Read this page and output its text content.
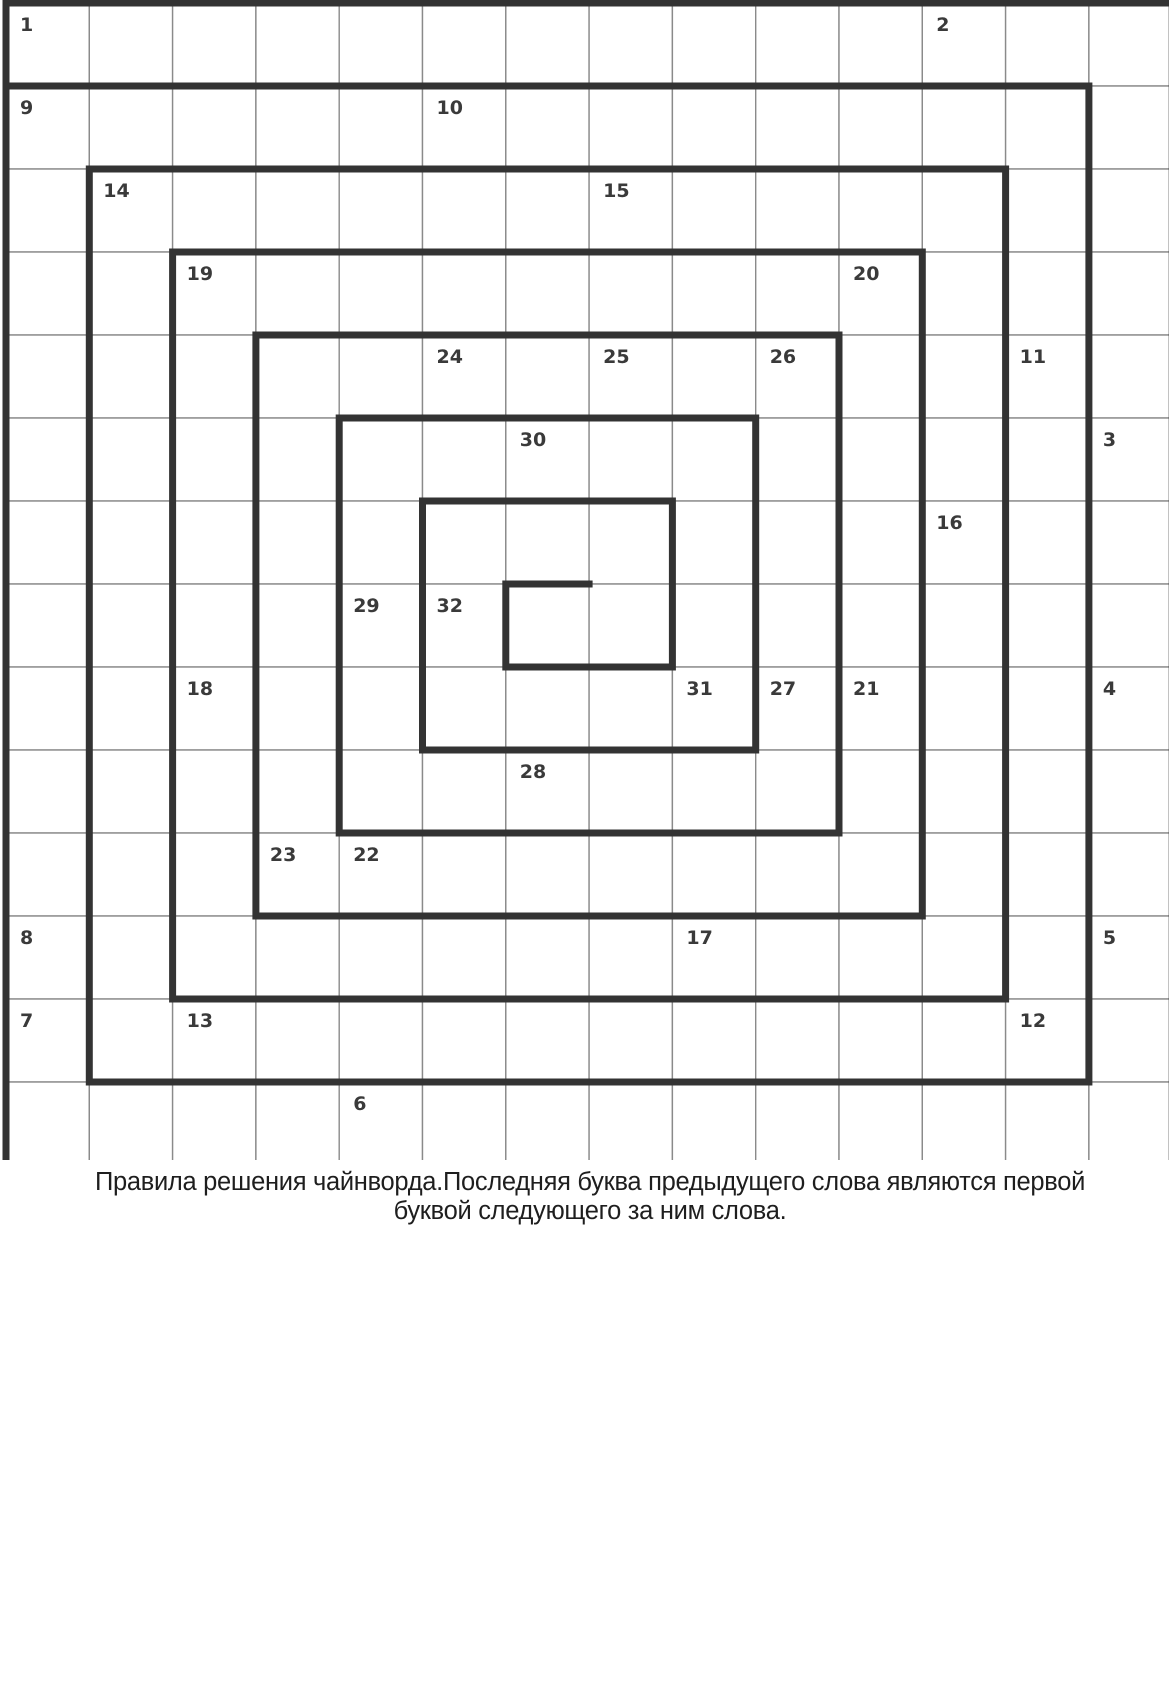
1	2
3
4
5
6
7
8
9	10
11
12
13
14	15
16
17
18
19	20
21
22
23
24	25	26
27
28
29
30
31
32
Правила решения чайнворда.Последняя буква предыдущего слова являются первой
буквой следующего за ним слова.
